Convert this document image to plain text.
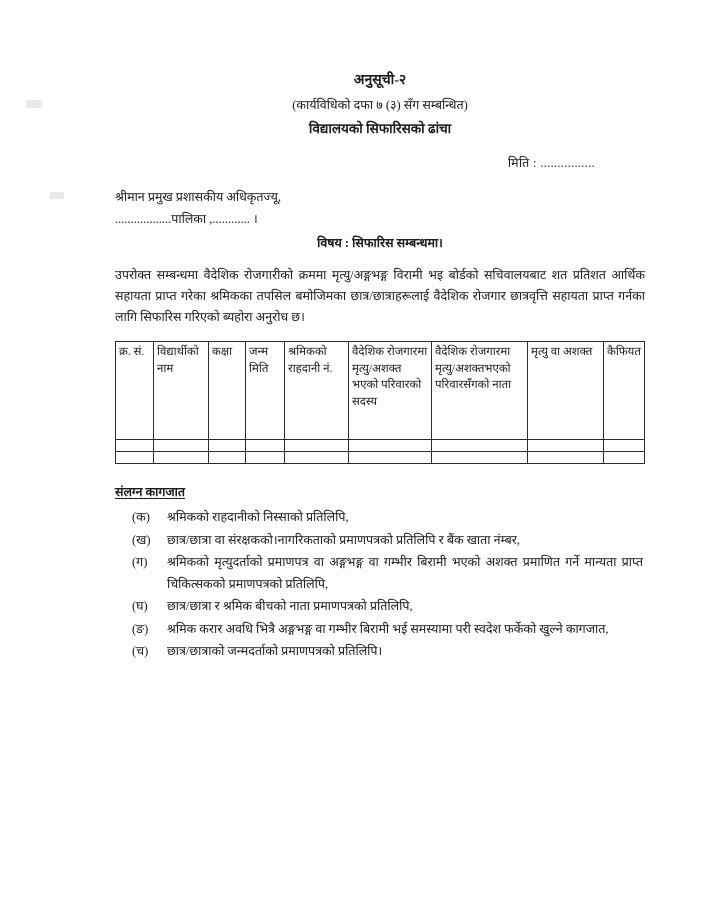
अनुसूची-२
(कार्यविधिको दफा ७ (३) सँग सम्बन्धित)
विद्यालयको सिफारिसको ढांचा
मिति : ................
श्रीमान प्रमुख प्रशासकीय अधिकृतज्यू,
..................पालिका ,............ ।
विषय : सिफारिस सम्बन्धमा।

उपरोक्त सम्बन्धमा वैदेशिक रोजगारीको क्रममा मृत्यु/अङ्गभङ्ग विरामी भइ बोर्डको सचिवालयबाट शत प्रतिशत आर्थिक सहायता प्राप्त गरेका श्रमिकका तपसिल बमोजिमका छात्र/छात्राहरूलाई वैदेशिक रोजगार छात्रवृत्ति सहायता प्राप्त गर्नका लागि सिफारिस गरिएको ब्यहोरा अनुरोध छ।

क्र. सं.	विद्यार्थीको नाम	कक्षा	जन्म मिति	श्रमिकको राहदानी नं.	वैदेशिक रोजगारमा मृत्यु/अशक्त भएको परिवारको सदस्य	वैदेशिक रोजगारमा मृत्यु/अशक्तभएको परिवारसँगको नाता	मृत्यु वा अशक्त	कैफियत

संलग्न कागजात
(क)	श्रमिकको राहदानीको निस्साको प्रतिलिपि,
(ख)	छात्र/छात्रा वा संरक्षकको।नागरिकताको प्रमाणपत्रको प्रतिलिपि र बैंक खाता नंम्बर,
(ग)	श्रमिकको मृत्युदर्ताको प्रमाणपत्र वा अङ्गभङ्ग वा गम्भीर बिरामी भएको अशक्त प्रमाणित गर्ने मान्यता प्राप्त चिकित्सकको प्रमाणपत्रको प्रतिलिपि,
(घ)	छात्र/छात्रा र श्रमिक बीचको नाता प्रमाणपत्रको प्रतिलिपि,
(ङ)	श्रमिक करार अवधि भित्रै अङ्गभङ्ग वा गम्भीर बिरामी भई समस्यामा परी स्वदेश फर्केको खुल्ने कागजात,
(च)	छात्र/छात्राको जन्मदर्ताको प्रमाणपत्रको प्रतिलिपि।
